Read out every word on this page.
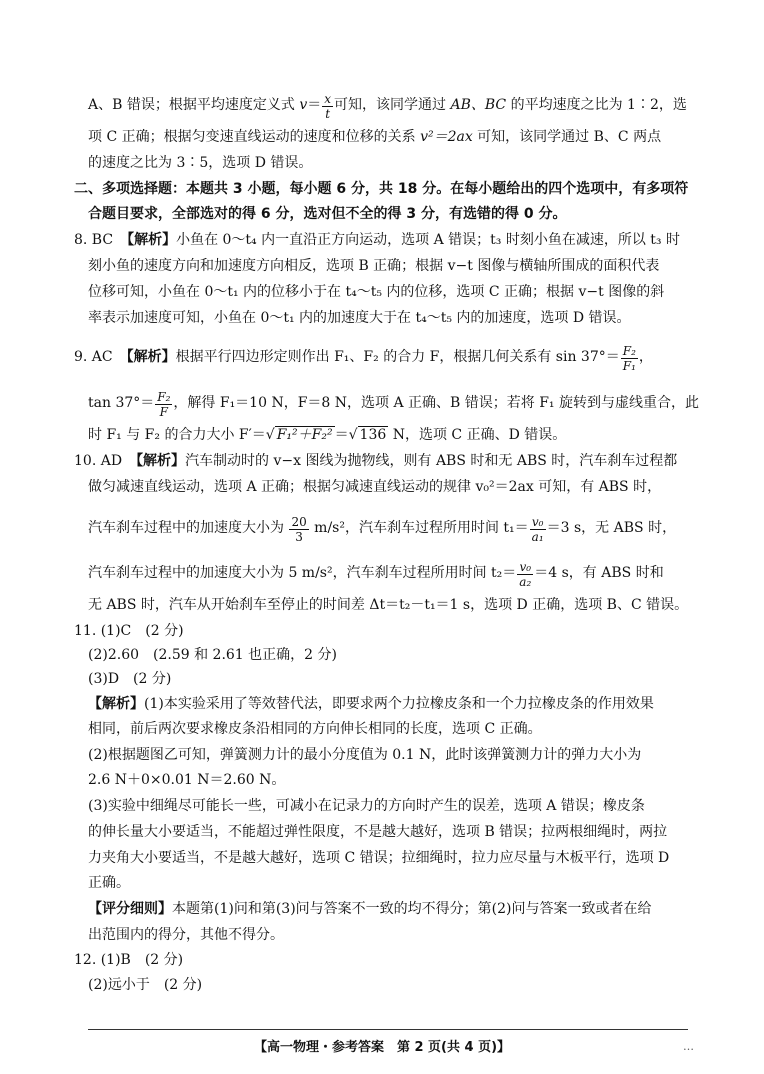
A、B 错误；根据平均速度定义式 $v= \frac{x}{t}$ 可知，该同学通过 AB、BC 的平均速度之比为 1∶2，选
项 C 正确；根据匀变速直线运动的速度和位移的关系 v²＝2ax 可知，该同学通过 B、C 两点
的速度之比为 3∶5，选项 D 错误。
二、多项选择题：本题共 3 小题，每小题 6 分，共 18 分。在每小题给出的四个选项中，有多项符
合题目要求，全部选对的得 6 分，选对但不全的得 3 分，有选错的得 0 分。
8. BC　 【解析】小鱼在 0～t₄ 内一直沿正方向运动，选项 A 错误；t₃ 时刻小鱼在减速，所以 t₃ 时
刻小鱼的速度方向和加速度方向相反，选项 B 正确；根据 v−t 图像与横轴所围成的面积代表
位移可知，小鱼在 0～t₁ 内的位移小于在 t₄～t₅ 内的位移，选项 C 正确；根据 v−t 图像的斜
率表示加速度可知，小鱼在 0～t₁ 内的加速度大于在 t₄～t₅ 内的加速度，选项 D 错误。
9. AC　 【解析】根据平行四边形定则作出 F₁、F₂ 的合力 F，根据几何关系有 $\sin 37^\circ= \frac{\text{F₂}}{\text{F₁}}$ ，
$\tan 37^\circ= \frac{\text{F₂}}{F}$ ，解得 F₁＝10 N，F＝8 N，选项 A 正确、B 错误；若将 F₁ 旋转到与虚线重合，此
时 F₁ 与 F₂ 的合力大小 F′＝√ F₁²＋F₂² ＝√ 136 N，选项 C 正确、D 错误。
10. AD　 【解析】汽车制动时的 v−x 图线为抛物线，则有 ABS 时和无 ABS 时，汽车刹车过程都
做匀减速直线运动，选项 A 正确；根据匀减速直线运动的规律 v₀²＝2ax 可知，有 ABS 时，
汽车刹车过程中的加速度大小为 $\frac{20}{3} m/s^2$，汽车刹车过程所用时间 $t_1= \frac{\text{v₀}}{\text{a₁}} =3$ s，无 ABS 时，
汽车刹车过程中的加速度大小为 5 m/s²，汽车刹车过程所用时间 $t_2= \frac{\text{v₀}}{\text{a₂}} =4$ s，有 ABS 时和
无 ABS 时，汽车从开始刹车至停止的时间差 Δt＝t₂－t₁＝1 s，选项 D 正确，选项 B、C 错误。
11. (1)C　(2 分)
(2)2.60　(2.59 和 2.61 也正确，2 分)
(3)D　(2 分)
【解析】(1)本实验采用了等效替代法，即要求两个力拉橡皮条和一个力拉橡皮条的作用效果
相同，前后两次要求橡皮条沿相同的方向伸长相同的长度，选项 C 正确。
(2)根据题图乙可知，弹簧测力计的最小分度值为 0.1 N，此时该弹簧测力计的弹力大小为
2.6 N＋0×0.01 N＝2.60 N。
(3)实验中细绳尽可能长一些，可减小在记录力的方向时产生的误差，选项 A 错误；橡皮条
的伸长量大小要适当，不能超过弹性限度，不是越大越好，选项 B 错误；拉两根细绳时，两拉
力夹角大小要适当，不是越大越好，选项 C 错误；拉细绳时，拉力应尽量与木板平行，选项 D
正确。
【评分细则】本题第(1)问和第(3)问与答案不一致的均不得分；第(2)问与答案一致或者在给
出范围内的得分，其他不得分。
12. (1)B　(2 分)
(2)远小于　(2 分)
【高一物理・参考答案　第 2 页(共 4 页)】	…
